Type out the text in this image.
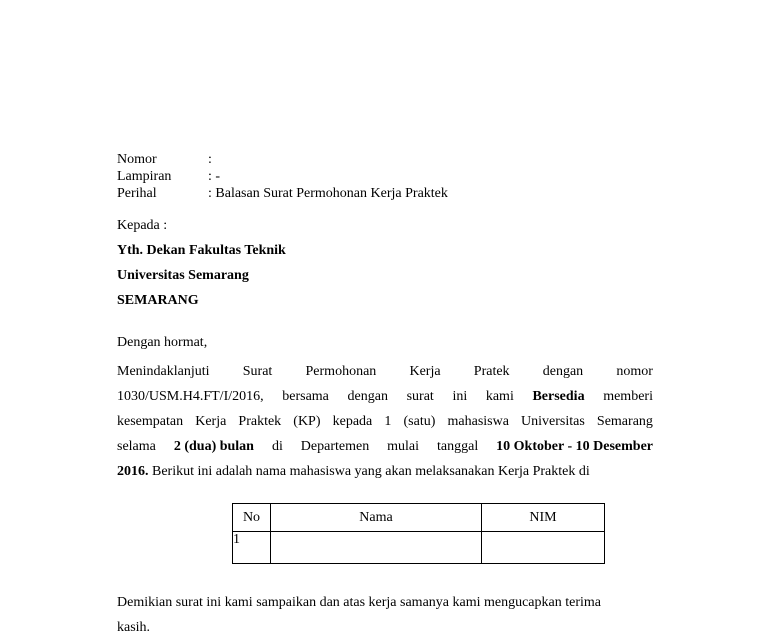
Nomor	:
Lampiran	: -
Perihal	: Balasan Surat Permohonan Kerja Praktek
Kepada :
Yth. Dekan Fakultas Teknik
Universitas Semarang
SEMARANG
Dengan hormat,
Menindaklanjuti Surat Permohonan Kerja Pratek dengan nomor
1030/USM.H4.FT/I/2016, bersama dengan surat ini kami Bersedia memberi
kesempatan Kerja Praktek (KP) kepada 1 (satu) mahasiswa Universitas Semarang
selama 2 (dua) bulan di Departemen mulai tanggal 10 Oktober - 10 Desember
2016. Berikut ini adalah nama mahasiswa yang akan melaksanakan Kerja Praktek di
No	Nama	NIM
1		
Demikian surat ini kami sampaikan dan atas kerja samanya kami mengucapkan terima
kasih.
